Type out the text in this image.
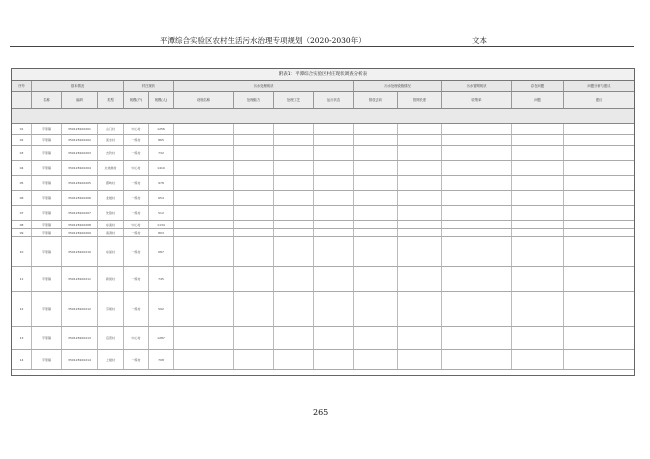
平潭综合实验区农村生活污水治理专项规划（2020-2030年）	文本
附表1：平潭综合实验区村庄现状调查分析表
序号	基本情况	村庄现状	污水处理现状	污水处理设施情况	污水管网现状	存在问题	问题分析与建议
名称	编码	类型	规模(户)	规模(人)	设施名称	处理能力	处理工艺	运行状态	排放去向	管网长度	收集率	问题	建议
01	平原镇	350128100201	山门村	中心村	1256
02	平原镇	350128100202	流水村	一般村	865
03	平原镇	350128100203	吉钓村	一般村	732
04	平原镇	350128100204	火烧港村	中心村	1410
05	平原镇	350128100205	霞屿村	一般村	978
06	平原镇	350128100206	北楼村	一般村	654
07	平原镇	350128100207	先锋村	一般村	512
08	平原镇	350128100208	东美村	中心村	1134
09	平原镇	350128100209	南湾村	一般村	803
10	平原镇	350128100210	东星村	一般村	687
11	平原镇	350128100211	新街村	一般村	745
12	平原镇	350128100212	芬尾村	一般村	592
13	平原镇	350128100213	后营村	中心村	1287
14	平原镇	350128100214	上楼村	一般村	708
265
